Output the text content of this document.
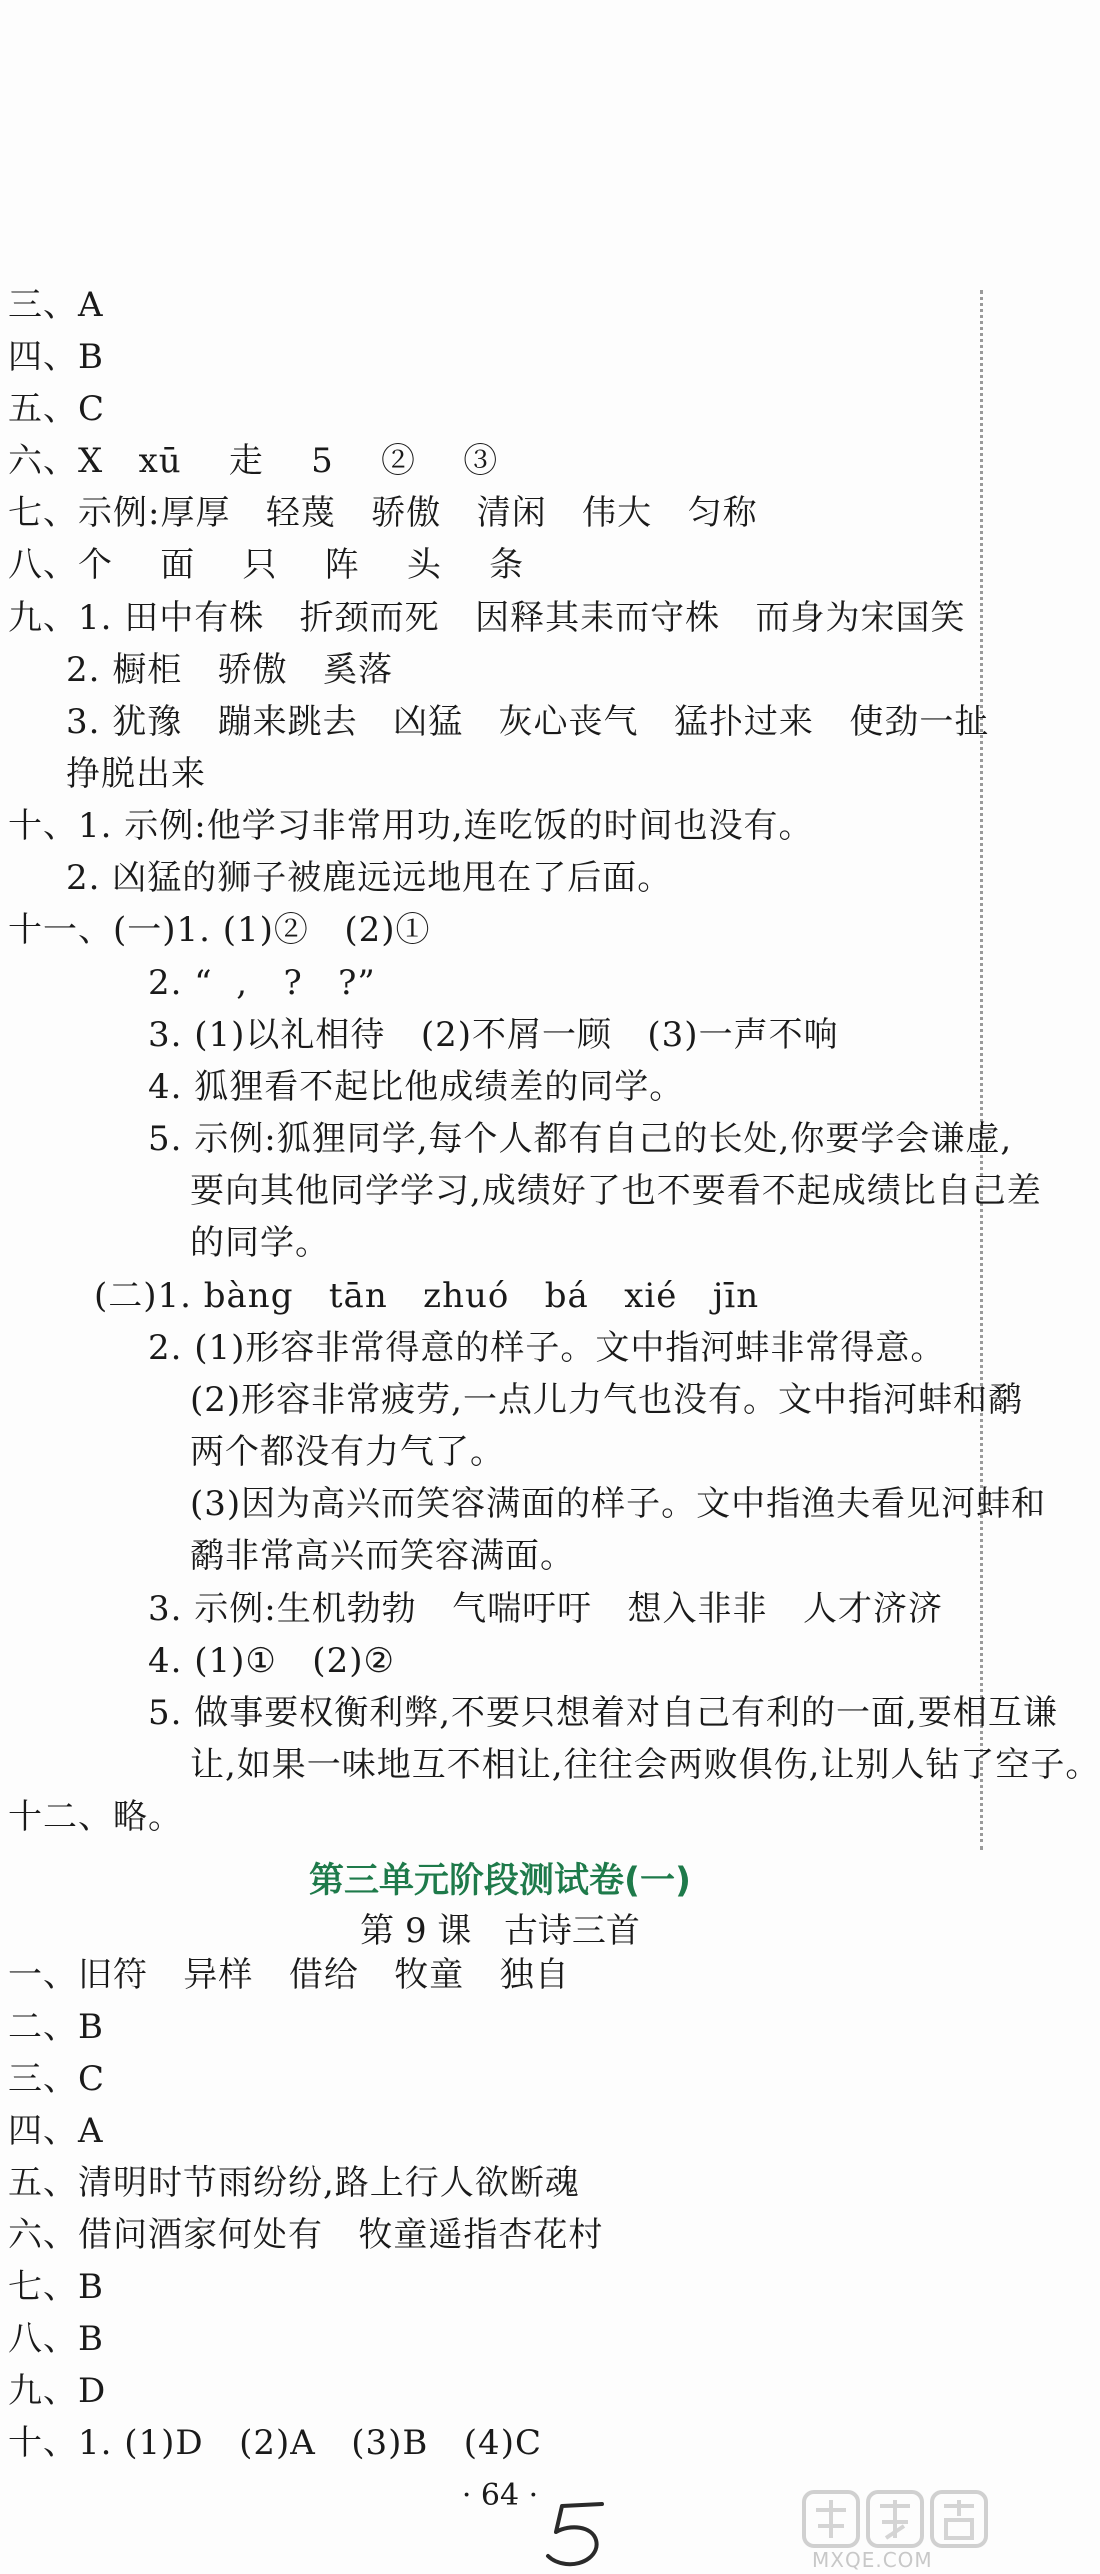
三、A
四、B
五、C
六、X   xū    走    5    ②    ③
七、示例:厚厚   轻蔑   骄傲   清闲   伟大   匀称
八、个    面    只    阵    头    条
九、1. 田中有株   折颈而死   因释其耒而守株   而身为宋国笑
2. 橱柜   骄傲   奚落
3. 犹豫   蹦来跳去   凶猛   灰心丧气   猛扑过来   使劲一扯
挣脱出来
十、1. 示例:他学习非常用功,连吃饭的时间也没有。
2. 凶猛的狮子被鹿远远地甩在了后面。
十一、(一)1. (1)②   (2)①
2. “  ,   ?   ?”
3. (1)以礼相待   (2)不屑一顾   (3)一声不响
4. 狐狸看不起比他成绩差的同学。
5. 示例:狐狸同学,每个人都有自己的长处,你要学会谦虚,
要向其他同学学习,成绩好了也不要看不起成绩比自己差
的同学。
(二)1. bàng   tān   zhuó   bá   xié   jīn
2. (1)形容非常得意的样子。文中指河蚌非常得意。
(2)形容非常疲劳,一点儿力气也没有。文中指河蚌和鹬
两个都没有力气了。
(3)因为高兴而笑容满面的样子。文中指渔夫看见河蚌和
鹬非常高兴而笑容满面。
3. 示例:生机勃勃   气喘吁吁   想入非非   人才济济
4. (1)①   (2)②
5. 做事要权衡利弊,不要只想着对自己有利的一面,要相互谦
让,如果一味地互不相让,往往会两败俱伤,让别人钻了空子。
十二、略。
第三单元阶段测试卷(一)
第 9 课   古诗三首
一、旧符   异样   借给   牧童   独自
二、B
三、C
四、A
五、清明时节雨纷纷,路上行人欲断魂
六、借问酒家何处有   牧童遥指杏花村
七、B
八、B
九、D
十、1. (1)D   (2)A   (3)B   (4)C
· 64 ·
MXQE.COM
